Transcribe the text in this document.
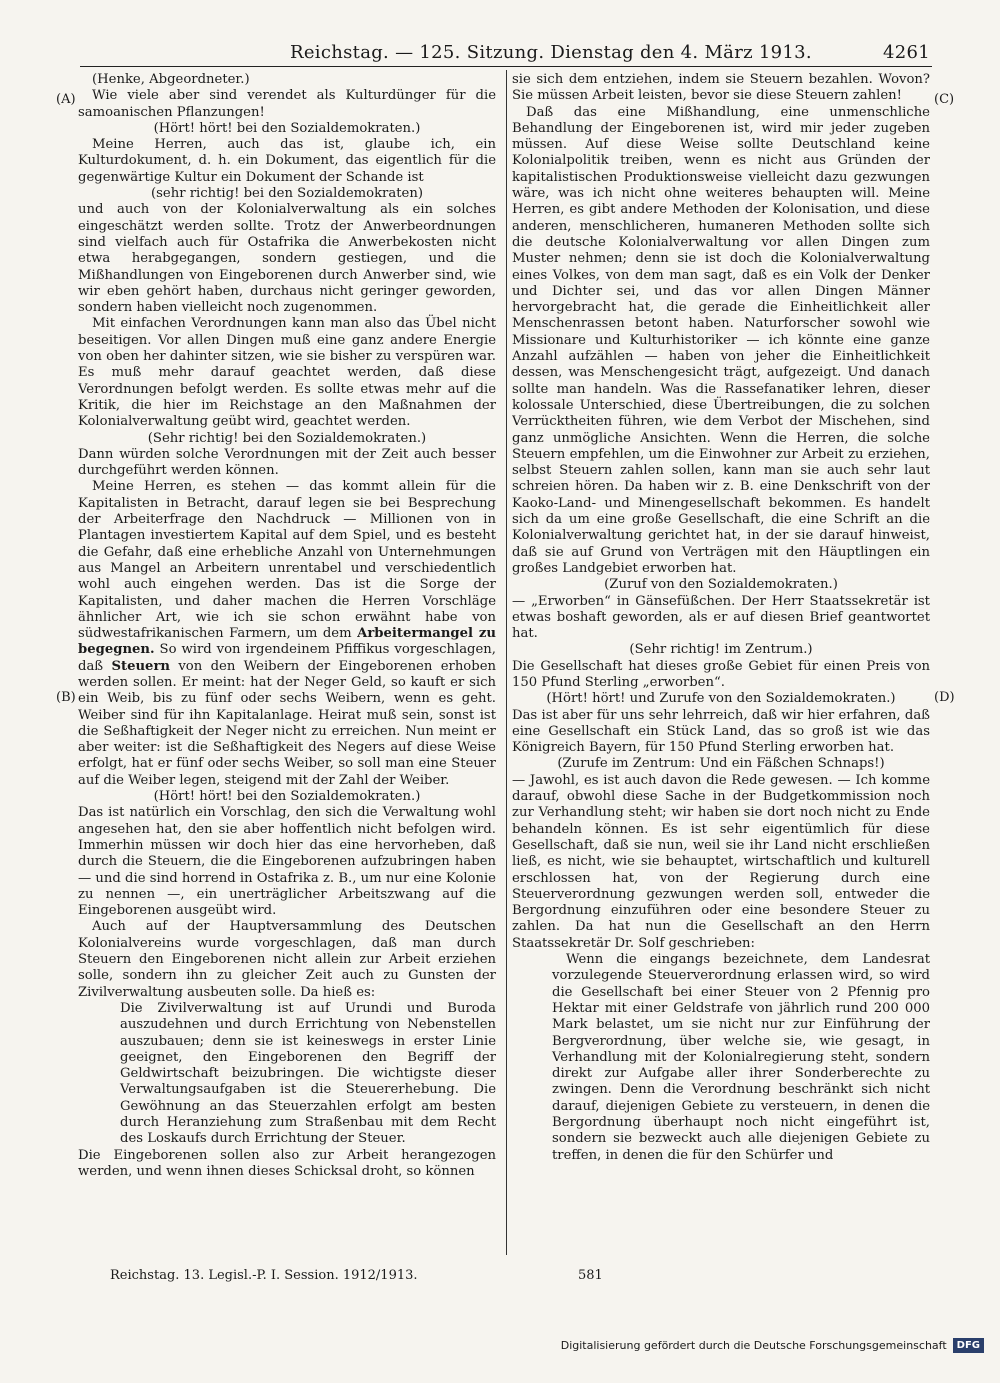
Reichstag. — 125. Sitzung. Dienstag den 4. März 1913.	4261
(A)
(B)
(C)
(D)

(Henke, Abgeordneter.)

Wie viele aber sind verendet als Kulturdünger für die samoanischen Pflanzungen!

(Hört! hört! bei den Sozialdemokraten.)

Meine Herren, auch das ist, glaube ich, ein Kulturdokument, d. h. ein Dokument, das eigentlich für die gegenwärtige Kultur ein Dokument der Schande ist

(sehr richtig! bei den Sozialdemokraten)

und auch von der Kolonialverwaltung als ein solches eingeschätzt werden sollte. Trotz der Anwerbeordnungen sind vielfach auch für Ostafrika die Anwerbekosten nicht etwa herabgegangen, sondern gestiegen, und die Mißhandlungen von Eingeborenen durch Anwerber sind, wie wir eben gehört haben, durchaus nicht geringer geworden, sondern haben vielleicht noch zugenommen.

Mit einfachen Verordnungen kann man also das Übel nicht beseitigen. Vor allen Dingen muß eine ganz andere Energie von oben her dahinter sitzen, wie sie bisher zu verspüren war. Es muß mehr darauf geachtet werden, daß diese Verordnungen befolgt werden. Es sollte etwas mehr auf die Kritik, die hier im Reichstage an den Maßnahmen der Kolonialverwaltung geübt wird, geachtet werden.

(Sehr richtig! bei den Sozialdemokraten.)

Dann würden solche Verordnungen mit der Zeit auch besser durchgeführt werden können.

Meine Herren, es stehen — das kommt allein für die Kapitalisten in Betracht, darauf legen sie bei Besprechung der Arbeiterfrage den Nachdruck — Millionen von in Plantagen investiertem Kapital auf dem Spiel, und es besteht die Gefahr, daß eine erhebliche Anzahl von Unternehmungen aus Mangel an Arbeitern unrentabel und verschiedentlich wohl auch eingehen werden. Das ist die Sorge der Kapitalisten, und daher machen die Herren Vorschläge ähnlicher Art, wie ich sie schon erwähnt habe von südwestafrikanischen Farmern, um dem Arbeitermangel zu begegnen. So wird von irgendeinem Pfiffikus vorgeschlagen, daß Steuern von den Weibern der Eingeborenen erhoben werden sollen. Er meint: hat der Neger Geld, so kauft er sich ein Weib, bis zu fünf oder sechs Weibern, wenn es geht. Weiber sind für ihn Kapitalanlage. Heirat muß sein, sonst ist die Seßhaftigkeit der Neger nicht zu erreichen. Nun meint er aber weiter: ist die Seßhaftigkeit des Negers auf diese Weise erfolgt, hat er fünf oder sechs Weiber, so soll man eine Steuer auf die Weiber legen, steigend mit der Zahl der Weiber.

(Hört! hört! bei den Sozialdemokraten.)

Das ist natürlich ein Vorschlag, den sich die Verwaltung wohl angesehen hat, den sie aber hoffentlich nicht befolgen wird. Immerhin müssen wir doch hier das eine hervorheben, daß durch die Steuern, die die Eingeborenen aufzubringen haben — und die sind horrend in Ostafrika z. B., um nur eine Kolonie zu nennen —, ein unerträglicher Arbeitszwang auf die Eingeborenen ausgeübt wird.

Auch auf der Hauptversammlung des Deutschen Kolonialvereins wurde vorgeschlagen, daß man durch Steuern den Eingeborenen nicht allein zur Arbeit erziehen solle, sondern ihn zu gleicher Zeit auch zu Gunsten der Zivilverwaltung ausbeuten solle. Da hieß es:

Die Zivilverwaltung ist auf Urundi und Buroda auszudehnen und durch Errichtung von Nebenstellen auszubauen; denn sie ist keineswegs in erster Linie geeignet, den Eingeborenen den Begriff der Geldwirtschaft beizubringen. Die wichtigste dieser Verwaltungsaufgaben ist die Steuererhebung. Die Gewöhnung an das Steuerzahlen erfolgt am besten durch Heranziehung zum Straßenbau mit dem Recht des Loskaufs durch Errichtung der Steuer.

Die Eingeborenen sollen also zur Arbeit herangezogen werden, und wenn ihnen dieses Schicksal droht, so können

sie sich dem entziehen, indem sie Steuern bezahlen. Wovon? Sie müssen Arbeit leisten, bevor sie diese Steuern zahlen!

Daß das eine Mißhandlung, eine unmenschliche Behandlung der Eingeborenen ist, wird mir jeder zugeben müssen. Auf diese Weise sollte Deutschland keine Kolonialpolitik treiben, wenn es nicht aus Gründen der kapitalistischen Produktionsweise vielleicht dazu gezwungen wäre, was ich nicht ohne weiteres behaupten will. Meine Herren, es gibt andere Methoden der Kolonisation, und diese anderen, menschlicheren, humaneren Methoden sollte sich die deutsche Kolonialverwaltung vor allen Dingen zum Muster nehmen; denn sie ist doch die Kolonialverwaltung eines Volkes, von dem man sagt, daß es ein Volk der Denker und Dichter sei, und das vor allen Dingen Männer hervorgebracht hat, die gerade die Einheitlichkeit aller Menschenrassen betont haben. Naturforscher sowohl wie Missionare und Kulturhistoriker — ich könnte eine ganze Anzahl aufzählen — haben von jeher die Einheitlichkeit dessen, was Menschengesicht trägt, aufgezeigt. Und danach sollte man handeln. Was die Rassefanatiker lehren, dieser kolossale Unterschied, diese Übertreibungen, die zu solchen Verrücktheiten führen, wie dem Verbot der Mischehen, sind ganz unmögliche Ansichten. Wenn die Herren, die solche Steuern empfehlen, um die Einwohner zur Arbeit zu erziehen, selbst Steuern zahlen sollen, kann man sie auch sehr laut schreien hören. Da haben wir z. B. eine Denkschrift von der Kaoko-Land- und Minengesellschaft bekommen. Es handelt sich da um eine große Gesellschaft, die eine Schrift an die Kolonialverwaltung gerichtet hat, in der sie darauf hinweist, daß sie auf Grund von Verträgen mit den Häuptlingen ein großes Landgebiet erworben hat.

(Zuruf von den Sozialdemokraten.)

— „Erworben“ in Gänsefüßchen. Der Herr Staatssekretär ist etwas boshaft geworden, als er auf diesen Brief geantwortet hat.

(Sehr richtig! im Zentrum.)

Die Gesellschaft hat dieses große Gebiet für einen Preis von 150 Pfund Sterling „erworben“.

(Hört! hört! und Zurufe von den Sozialdemokraten.)

Das ist aber für uns sehr lehrreich, daß wir hier erfahren, daß eine Gesellschaft ein Stück Land, das so groß ist wie das Königreich Bayern, für 150 Pfund Sterling erworben hat.

(Zurufe im Zentrum: Und ein Fäßchen Schnaps!)

— Jawohl, es ist auch davon die Rede gewesen. — Ich komme darauf, obwohl diese Sache in der Budgetkommission noch zur Verhandlung steht; wir haben sie dort noch nicht zu Ende behandeln können. Es ist sehr eigentümlich für diese Gesellschaft, daß sie nun, weil sie ihr Land nicht erschließen ließ, es nicht, wie sie behauptet, wirtschaftlich und kulturell erschlossen hat, von der Regierung durch eine Steuerverordnung gezwungen werden soll, entweder die Bergordnung einzuführen oder eine besondere Steuer zu zahlen. Da hat nun die Gesellschaft an den Herrn Staatssekretär Dr. Solf geschrieben:

Wenn die eingangs bezeichnete, dem Landesrat vorzulegende Steuerverordnung erlassen wird, so wird die Gesellschaft bei einer Steuer von 2 Pfennig pro Hektar mit einer Geldstrafe von jährlich rund 200 000 Mark belastet, um sie nicht nur zur Einführung der Bergverordnung, über welche sie, wie gesagt, in Verhandlung mit der Kolonialregierung steht, sondern direkt zur Aufgabe aller ihrer Sonderberechte zu zwingen. Denn die Verordnung beschränkt sich nicht darauf, diejenigen Gebiete zu versteuern, in denen die Bergordnung überhaupt noch nicht eingeführt ist, sondern sie bezweckt auch alle diejenigen Gebiete zu treffen, in denen die für den Schürfer und

Reichstag. 13. Legisl.-P. I. Session. 1912/1913.	581
Digitalisierung gefördert durch die Deutsche Forschungsgemeinschaft	DFG
